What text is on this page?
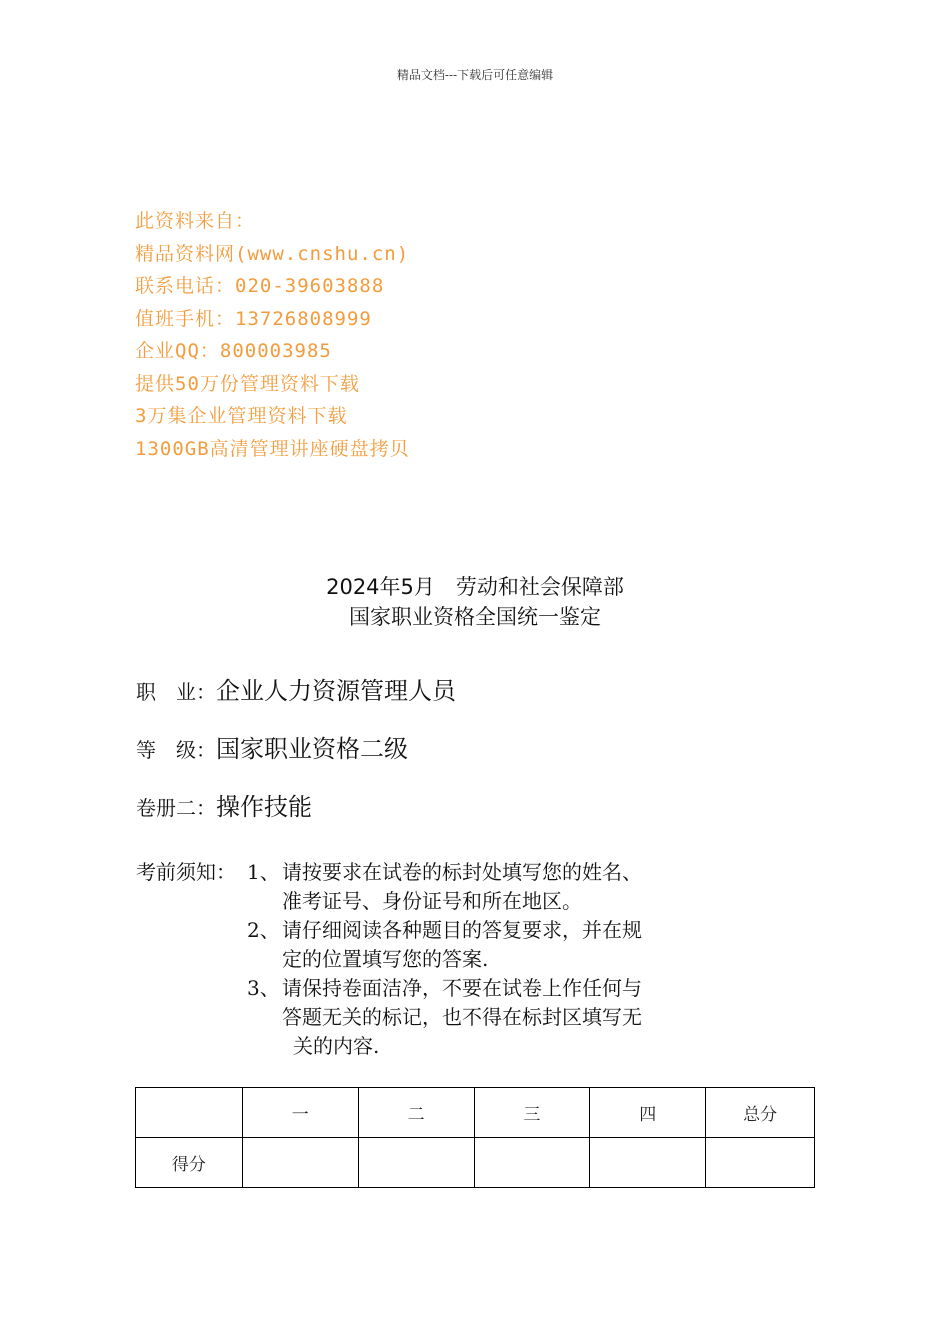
精品文档---下载后可任意编辑
此资料来自：
精品资料网(www.cnshu.cn)
联系电话：020-39603888
值班手机：13726808999
企业QQ：800003985
提供50万份管理资料下载
3万集企业管理资料下载
1300GB高清管理讲座硬盘拷贝
2024年5月　劳动和社会保障部
国家职业资格全国统一鉴定
职　业：企业人力资源管理人员
等　级：国家职业资格二级
卷册二：操作技能
考前须知： 1、 请按要求在试卷的标封处填写您的姓名、
准考证号、身份证号和所在地区。
2、 请仔细阅读各种题目的答复要求，并在规
定的位置填写您的答案.
3、 请保持卷面洁净，不要在试卷上作任何与
答题无关的标记，也不得在标封区填写无
关的内容.
	一	二	三	四	总分
得分					
